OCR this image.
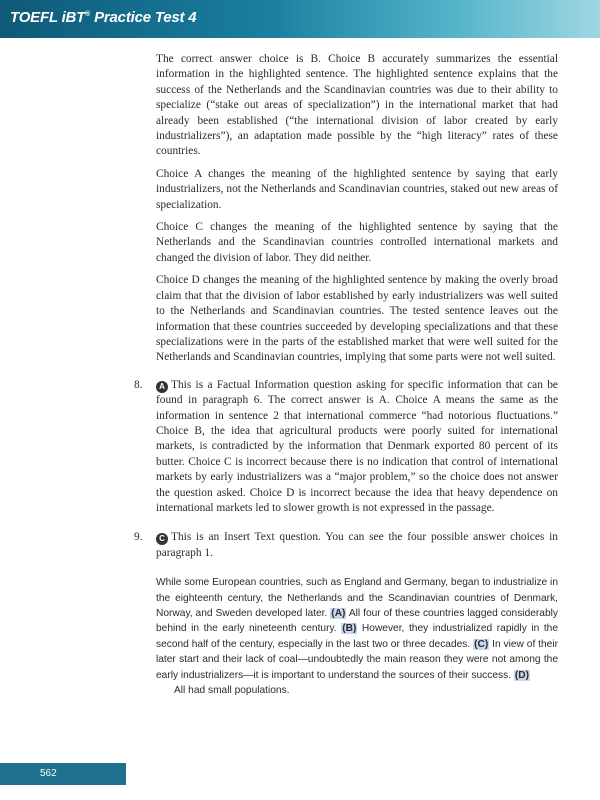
TOEFL iBT® Practice Test 4

The correct answer choice is B. Choice B accurately summarizes the essential information in the highlighted sentence. The highlighted sentence explains that the success of the Netherlands and the Scandinavian countries was due to their ability to specialize (“stake out areas of specialization”) in the international market that had already been established (“the international division of labor created by early industrializers”), an adaptation made possible by the “high literacy” rates of these countries.

Choice A changes the meaning of the highlighted sentence by saying that early industrializers, not the Netherlands and Scandinavian countries, staked out new areas of specialization.

Choice C changes the meaning of the highlighted sentence by saying that the Netherlands and the Scandinavian countries controlled international markets and changed the division of labor. They did neither.

Choice D changes the meaning of the highlighted sentence by making the overly broad claim that that the division of labor established by early industrializers was well suited to the Netherlands and Scandinavian countries. The tested sentence leaves out the information that these countries succeeded by developing specializations and that these specializations were in the parts of the established market that were well suited for the Netherlands and Scandinavian countries, implying that some parts were not well suited.

8. A This is a Factual Information question asking for specific information that can be found in paragraph 6. The correct answer is A. Choice A means the same as the information in sentence 2 that international commerce “had notorious fluctuations.” Choice B, the idea that agricultural products were poorly suited for international markets, is contradicted by the information that Denmark exported 80 percent of its butter. Choice C is incorrect because there is no indication that control of international markets by early industrializers was a “major problem,” so the choice does not answer the question asked. Choice D is incorrect because the idea that heavy dependence on international markets led to slower growth is not expressed in the passage.
9. C This is an Insert Text question. You can see the four possible answer choices in paragraph 1.

While some European countries, such as England and Germany, began to industrialize in the eighteenth century, the Netherlands and the Scandinavian countries of Denmark, Norway, and Sweden developed later. (A) All four of these countries lagged considerably behind in the early nineteenth century. (B) However, they industrialized rapidly in the second half of the century, especially in the last two or three decades. (C) In view of their later start and their lack of coal—undoubtedly the main reason they were not among the early industrializers—it is important to understand the sources of their success. (D)

All had small populations.
562
